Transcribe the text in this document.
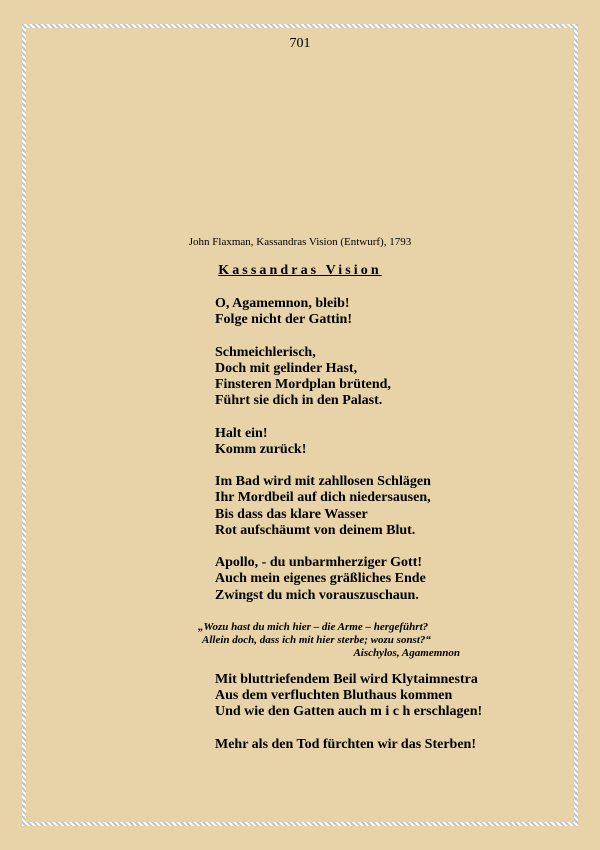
701
John Flaxman, Kassandras Vision (Entwurf), 1793
Kassandras Vision
O, Agamemnon, bleib!
Folge nicht der Gattin!
Schmeichlerisch,
Doch mit gelinder Hast,
Finsteren Mordplan brütend,
Führt sie dich in den Palast.
Halt ein!
Komm zurück!
Im Bad wird mit zahllosen Schlägen
Ihr Mordbeil auf dich niedersausen,
Bis dass das klare Wasser
Rot aufschäumt von deinem Blut.
Apollo, - du unbarmherziger Gott!
Auch mein eigenes gräßliches Ende
Zwingst du mich vorauszuschaun.
„Wozu hast du mich hier – die Arme – hergeführt?
Allein doch, dass ich mit hier sterbe; wozu sonst?“
Aischylos, Agamemnon
Mit bluttriefendem Beil wird Klytaimnestra
Aus dem verfluchten Bluthaus kommen
Und wie den Gatten auch m i c h erschlagen!
Mehr als den Tod fürchten wir das Sterben!
